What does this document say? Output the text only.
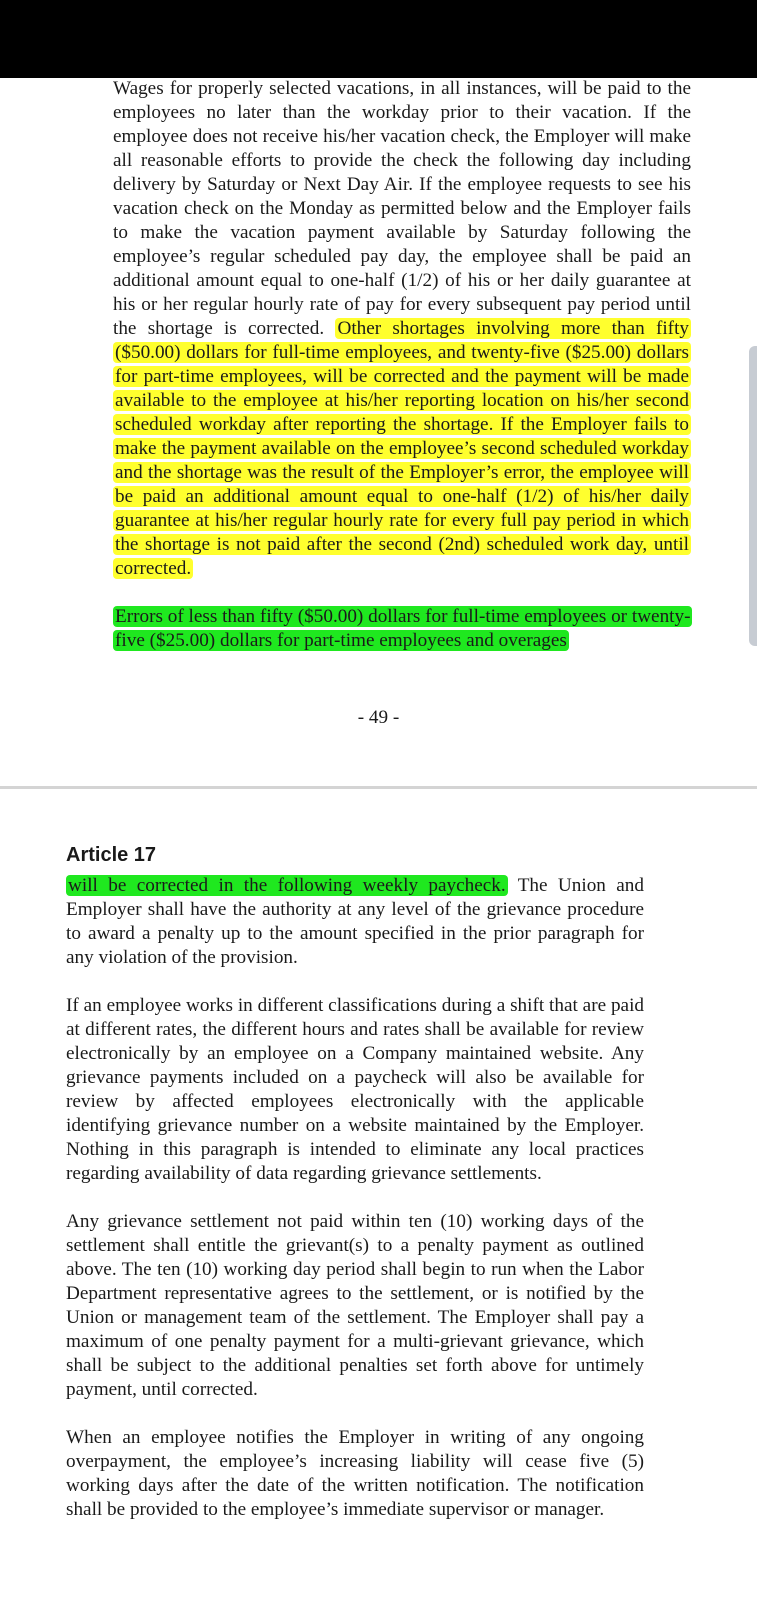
Wages for properly selected vacations, in all instances, will be paid to the employees no later than the workday prior to their vacation. If the employee does not receive his/her vacation check, the Employer will make all reasonable efforts to provide the check the following day including delivery by Saturday or Next Day Air. If the employee requests to see his vacation check on the Monday as permitted below and the Employer fails to make the vacation payment available by Saturday following the employee’s regular scheduled pay day, the employee shall be paid an additional amount equal to one-half (1/2) of his or her daily guarantee at his or her regular hourly rate of pay for every subsequent pay period until the shortage is corrected. Other shortages involving more than fifty ($50.00) dollars for full-time employees, and twenty-five ($25.00) dollars for part-time employees, will be corrected and the payment will be made available to the employee at his/her reporting location on his/her second scheduled workday after reporting the shortage. If the Employer fails to make the payment available on the employee’s second scheduled workday and the shortage was the result of the Employer’s error, the employee will be paid an additional amount equal to one-half (1/2) of his/her daily guarantee at his/her regular hourly rate for every full pay period in which the shortage is not paid after the second (2nd) scheduled work day, until corrected.

Errors of less than fifty ($50.00) dollars for full-time employees or twenty-five ($25.00) dollars for part-time employees and overages

- 49 -
Article 17

will be corrected in the following weekly paycheck. The Union and Employer shall have the authority at any level of the grievance procedure to award a penalty up to the amount specified in the prior paragraph for any violation of the provision.

If an employee works in different classifications during a shift that are paid at different rates, the different hours and rates shall be available for review electronically by an employee on a Company maintained website. Any grievance payments included on a paycheck will also be available for review by affected employees electronically with the applicable identifying grievance number on a website maintained by the Employer. Nothing in this paragraph is intended to eliminate any local practices regarding availability of data regarding grievance settlements.

Any grievance settlement not paid within ten (10) working days of the settlement shall entitle the grievant(s) to a penalty payment as outlined above. The ten (10) working day period shall begin to run when the Labor Department representative agrees to the settlement, or is notified by the Union or management team of the settlement. The Employer shall pay a maximum of one penalty payment for a multi-grievant grievance, which shall be subject to the additional penalties set forth above for untimely payment, until corrected.

When an employee notifies the Employer in writing of any ongoing overpayment, the employee’s increasing liability will cease five (5) working days after the date of the written notification. The notification shall be provided to the employee’s immediate supervisor or manager.
